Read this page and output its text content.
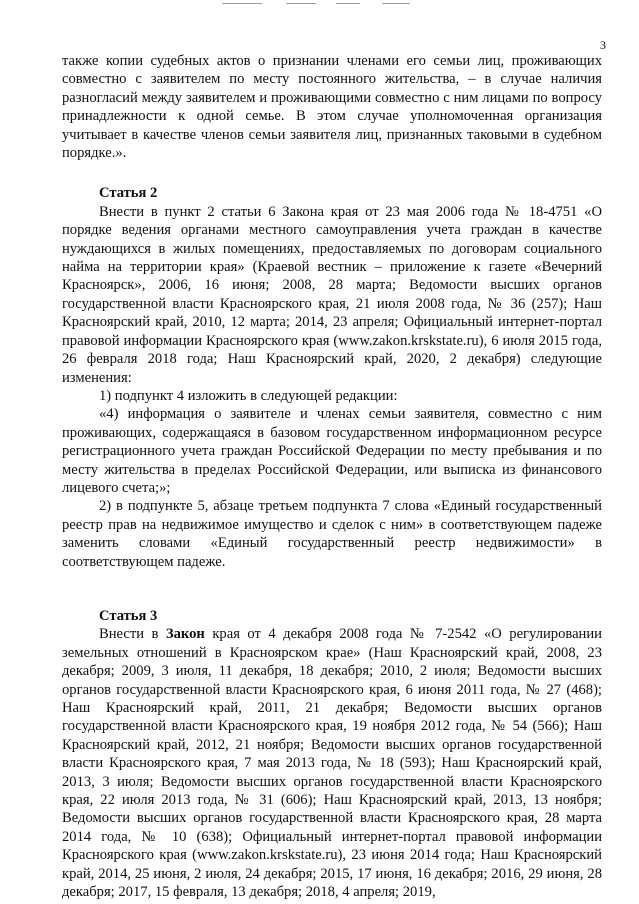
3

также копии судебных актов о признании членами его семьи лиц, проживающих совместно с заявителем по месту постоянного жительства, – в случае наличия разногласий между заявителем и проживающими совместно с ним лицами по вопросу принадлежности к одной семье. В этом случае уполномоченная организация учитывает в качестве членов семьи заявителя лиц, признанных таковыми в судебном порядке.».

Статья 2

Внести в пункт 2 статьи 6 Закона края от 23 мая 2006 года № 18-4751 «О порядке ведения органами местного самоуправления учета граждан в качестве нуждающихся в жилых помещениях, предоставляемых по договорам социального найма на территории края» (Краевой вестник – приложение к газете «Вечерний Красноярск», 2006, 16 июня; 2008, 28 марта; Ведомости высших органов государственной власти Красноярского края, 21 июля 2008 года, № 36 (257); Наш Красноярский край, 2010, 12 марта; 2014, 23 апреля; Официальный интернет-портал правовой информации Красноярского края (www.zakon.krskstate.ru), 6 июля 2015 года, 26 февраля 2018 года; Наш Красноярский край, 2020, 2 декабря) следующие изменения:

1) подпункт 4 изложить в следующей редакции:

«4) информация о заявителе и членах семьи заявителя, совместно с ним проживающих, содержащаяся в базовом государственном информационном ресурсе регистрационного учета граждан Российской Федерации по месту пребывания и по месту жительства в пределах Российской Федерации, или выписка из финансового лицевого счета;»;

2) в подпункте 5, абзаце третьем подпункта 7 слова «Единый государственный реестр прав на недвижимое имущество и сделок с ним» в соответствующем падеже заменить словами «Единый государственный реестр недвижимости» в соответствующем падеже.

Статья 3

Внести в Закон края от 4 декабря 2008 года № 7-2542 «О регулировании земельных отношений в Красноярском крае» (Наш Красноярский край, 2008, 23 декабря; 2009, 3 июля, 11 декабря, 18 декабря; 2010, 2 июля; Ведомости высших органов государственной власти Красноярского края, 6 июня 2011 года, № 27 (468); Наш Красноярский край, 2011, 21 декабря; Ведомости высших органов государственной власти Красноярского края, 19 ноября 2012 года, № 54 (566); Наш Красноярский край, 2012, 21 ноября; Ведомости высших органов государственной власти Красноярского края, 7 мая 2013 года, № 18 (593); Наш Красноярский край, 2013, 3 июля; Ведомости высших органов государственной власти Красноярского края, 22 июля 2013 года, № 31 (606); Наш Красноярский край, 2013, 13 ноября; Ведомости высших органов государственной власти Красноярского края, 28 марта 2014 года, № 10 (638); Официальный интернет-портал правовой информации Красноярского края (www.zakon.krskstate.ru), 23 июня 2014 года; Наш Красноярский край, 2014, 25 июня, 2 июля, 24 декабря; 2015, 17 июня, 16 декабря; 2016, 29 июня, 28 декабря; 2017, 15 февраля, 13 декабря; 2018, 4 апреля; 2019,
